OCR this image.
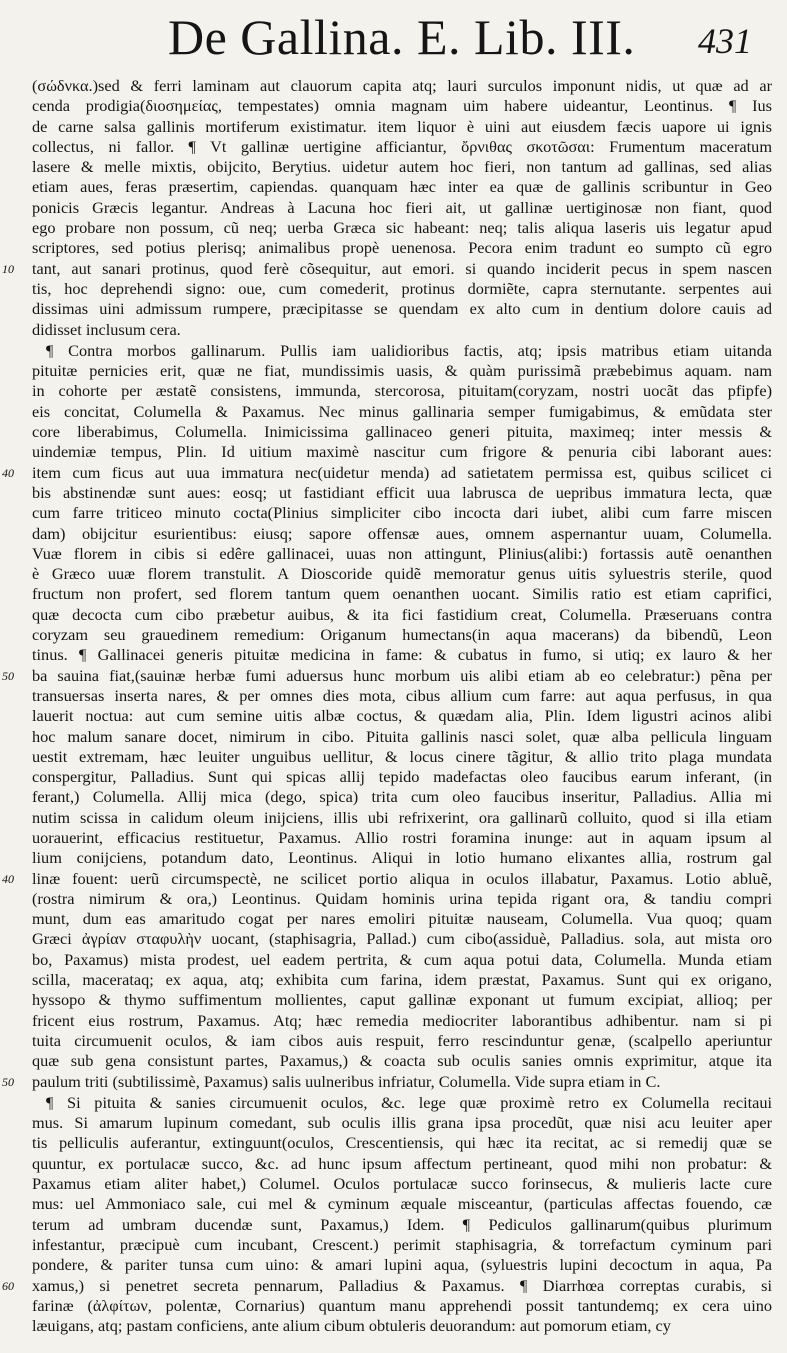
De Gallina. E. Lib. III. 431
(σώδνκα.)sed & ferri laminam aut clauorum capita atq; lauri surculos imponunt nidis, ut quæ ad ar
cenda prodigia(διοσημείας, tempestates) omnia magnam uim habere uideantur, Leontinus. ¶ Ius
de carne salsa gallinis mortiferum existimatur. item liquor è uini aut eiusdem fæcis uapore ui ignis
collectus, ni fallor. ¶ Vt gallinæ uertigine afficiantur, ὄρνιθας σκοτῶσαι: Frumentum maceratum
lasere & melle mixtis, obijcito, Berytius. uidetur autem hoc fieri, non tantum ad gallinas, sed alias
etiam aues, feras præsertim, capiendas. quanquam hæc inter ea quæ de gallinis scribuntur in Geo
ponicis Græcis legantur. Andreas à Lacuna hoc fieri ait, ut gallinæ uertiginosæ non fiant, quod
ego probare non possum, cũ neq; uerba Græca sic habeant: neq; talis aliqua laseris uis legatur apud
scriptores, sed potius plerisq; animalibus propè uenenosa. Pecora enim tradunt eo sumpto cũ egro
10 tant, aut sanari protinus, quod ferè cõsequitur, aut emori. si quando inciderit pecus in spem nascen
tis, hoc deprehendi signo: oue, cum comederit, protinus dormiẽte, capra sternutante. serpentes aui
dissimas uini admissum rumpere, præcipitasse se quendam ex alto cum in dentium dolore cauis ad
didisset inclusum cera.
¶ Contra morbos gallinarum. Pullis iam ualidioribus factis, atq; ipsis matribus etiam uitanda
pituitæ pernicies erit, quæ ne fiat, mundissimis uasis, & quàm purissimã præbebimus aquam. nam
in cohorte per æstatẽ consistens, immunda, stercorosa, pituitam(coryzam, nostri uocãt das pfipfe)
eis concitat, Columella & Paxamus. Nec minus gallinaria semper fumigabimus, & emũdata ster
core liberabimus, Columella. Inimicissima gallinaceo generi pituita, maximeq; inter messis &
uindemiæ tempus, Plin. Id uitium maximè nascitur cum frigore & penuria cibi laborant aues:
40 item cum ficus aut uua immatura nec(uidetur menda) ad satietatem permissa est, quibus scilicet ci
bis abstinendæ sunt aues: eosq; ut fastidiant efficit uua labrusca de uepribus immatura lecta, quæ
cum farre triticeo minuto cocta(Plinius simpliciter cibo incocta dari iubet, alibi cum farre miscen
dam) obijcitur esurientibus: eiusq; sapore offensæ aues, omnem aspernantur uuam, Columella.
Vuæ florem in cibis si edêre gallinacei, uuas non attingunt, Plinius(alibi:) fortassis autẽ oenanthen
è Græco uuæ florem transtulit. A Dioscoride quidẽ memoratur genus uitis syluestris sterile, quod
fructum non profert, sed florem tantum quem oenanthen uocant. Similis ratio est etiam caprifici,
quæ decocta cum cibo præbetur auibus, & ita fici fastidium creat, Columella. Præseruans contra
coryzam seu grauedinem remedium: Origanum humectans(in aqua macerans) da bibendũ, Leon
tinus. ¶ Gallinacei generis pituitæ medicina in fame: & cubatus in fumo, si utiq; ex lauro & her
50 ba sauina fiat,(sauinæ herbæ fumi aduersus hunc morbum uis alibi etiam ab eo celebratur:) pẽna per
transuersas inserta nares, & per omnes dies mota, cibus allium cum farre: aut aqua perfusus, in qua
lauerit noctua: aut cum semine uitis albæ coctus, & quædam alia, Plin. Idem ligustri acinos alibi
hoc malum sanare docet, nimirum in cibo. Pituita gallinis nasci solet, quæ alba pellicula linguam
uestit extremam, hæc leuiter unguibus uellitur, & locus cinere tãgitur, & allio trito plaga mundata
conspergitur, Palladius. Sunt qui spicas allij tepido madefactas oleo faucibus earum inferant, (in
ferant,) Columella. Allij mica (dego, spica) trita cum oleo faucibus inseritur, Palladius. Allia mi
nutim scissa in calidum oleum inijciens, illis ubi refrixerint, ora gallinarũ colluito, quod si illa etiam
uorauerint, efficacius restituetur, Paxamus. Allio rostri foramina inunge: aut in aquam ipsum al
lium conijciens, potandum dato, Leontinus. Aliqui in lotio humano elixantes allia, rostrum gal
40 linæ fouent: uerũ circumspectè, ne scilicet portio aliqua in oculos illabatur, Paxamus. Lotio abluẽ,
(rostra nimirum & ora,) Leontinus. Quidam hominis urina tepida rigant ora, & tandiu compri
munt, dum eas amaritudo cogat per nares emoliri pituitæ nauseam, Columella. Vua quoq; quam
Græci ἀγρίαν σταφυλὴν uocant, (staphisagria, Pallad.) cum cibo(assiduè, Palladius. sola, aut mista oro
bo, Paxamus) mista prodest, uel eadem pertrita, & cum aqua potui data, Columella. Munda etiam
scilla, macerataq; ex aqua, atq; exhibita cum farina, idem præstat, Paxamus. Sunt qui ex origano,
hyssopo & thymo suffimentum mollientes, caput gallinæ exponant ut fumum excipiat, allioq; per
fricent eius rostrum, Paxamus. Atq; hæc remedia mediocriter laborantibus adhibentur. nam si pi
tuita circumuenit oculos, & iam cibos auis respuit, ferro rescinduntur genæ, (scalpello aperiuntur
quæ sub gena consistunt partes, Paxamus,) & coacta sub oculis sanies omnis exprimitur, atque ita
50 paulum triti (subtilissimè, Paxamus) salis uulneribus infriatur, Columella. Vide supra etiam in C.
¶ Si pituita & sanies circumuenit oculos, &c. lege quæ proximè retro ex Columella recitaui
mus. Si amarum lupinum comedant, sub oculis illis grana ipsa procedũt, quæ nisi acu leuiter aper
tis pelliculis auferantur, extinguunt(oculos, Crescentiensis, qui hæc ita recitat, ac si remedij quæ se
quuntur, ex portulacæ succo, &c. ad hunc ipsum affectum pertineant, quod mihi non probatur: &
Paxamus etiam aliter habet,) Columel. Oculos portulacæ succo forinsecus, & mulieris lacte cure
mus: uel Ammoniaco sale, cui mel & cyminum æquale misceantur, (particulas affectas fouendo, cæ
terum ad umbram ducendæ sunt, Paxamus,) Idem. ¶ Pediculos gallinarum(quibus plurimum
infestantur, præcipuè cum incubant, Crescent.) perimit staphisagria, & torrefactum cyminum pari
pondere, & pariter tunsa cum uino: & amari lupini aqua, (syluestris lupini decoctum in aqua, Pa
60 xamus,) si penetret secreta pennarum, Palladius & Paxamus. ¶ Diarrhœa correptas curabis, si
farinæ (ἀλφίτων, polentæ, Cornarius) quantum manu apprehendi possit tantundemq; ex cera uino
læuigans, atq; pastam conficiens, ante alium cibum obtuleris deuorandum: aut pomorum etiam, cy
